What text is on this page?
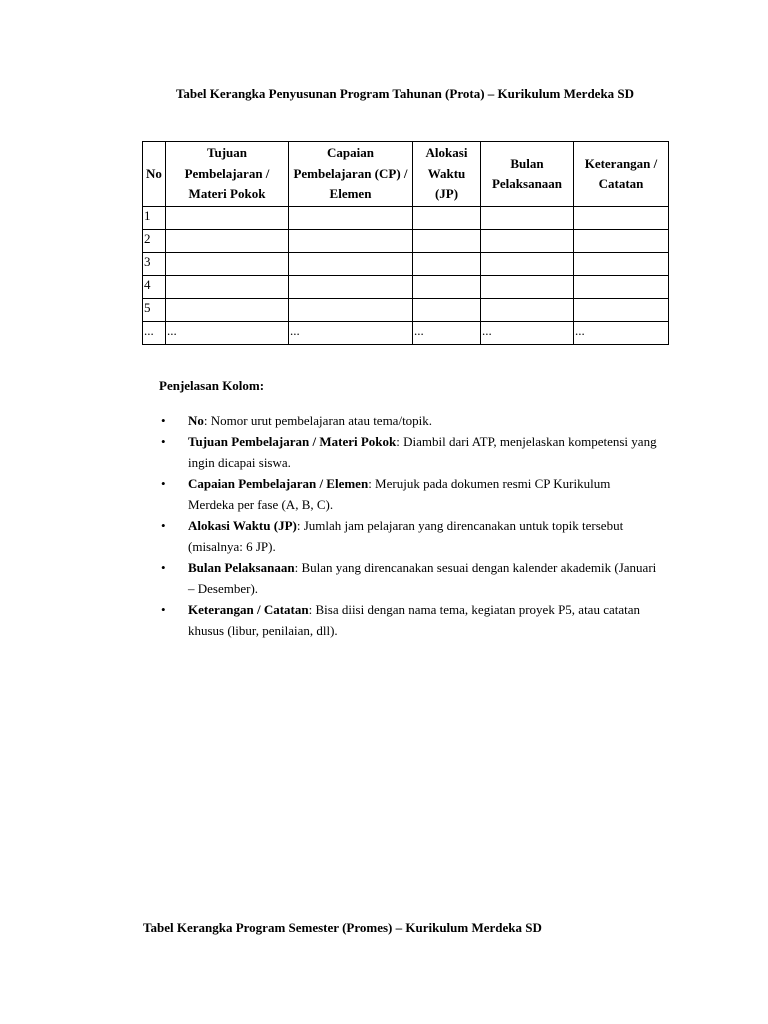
Tabel Kerangka Penyusunan Program Tahunan (Prota) – Kurikulum Merdeka SD
No	Tujuan Pembelajaran / Materi Pokok	Capaian Pembelajaran (CP) / Elemen	Alokasi Waktu (JP)	Bulan Pelaksanaan	Keterangan / Catatan
1					
2					
3					
4					
5					
...	...	...	...	...	...
Penjelasan Kolom:
• No: Nomor urut pembelajaran atau tema/topik.
• Tujuan Pembelajaran / Materi Pokok: Diambil dari ATP, menjelaskan kompetensi yang ingin dicapai siswa.
• Capaian Pembelajaran / Elemen: Merujuk pada dokumen resmi CP Kurikulum Merdeka per fase (A, B, C).
• Alokasi Waktu (JP): Jumlah jam pelajaran yang direncanakan untuk topik tersebut (misalnya: 6 JP).
• Bulan Pelaksanaan: Bulan yang direncanakan sesuai dengan kalender akademik (Januari – Desember).
• Keterangan / Catatan: Bisa diisi dengan nama tema, kegiatan proyek P5, atau catatan khusus (libur, penilaian, dll).
Tabel Kerangka Program Semester (Promes) – Kurikulum Merdeka SD
